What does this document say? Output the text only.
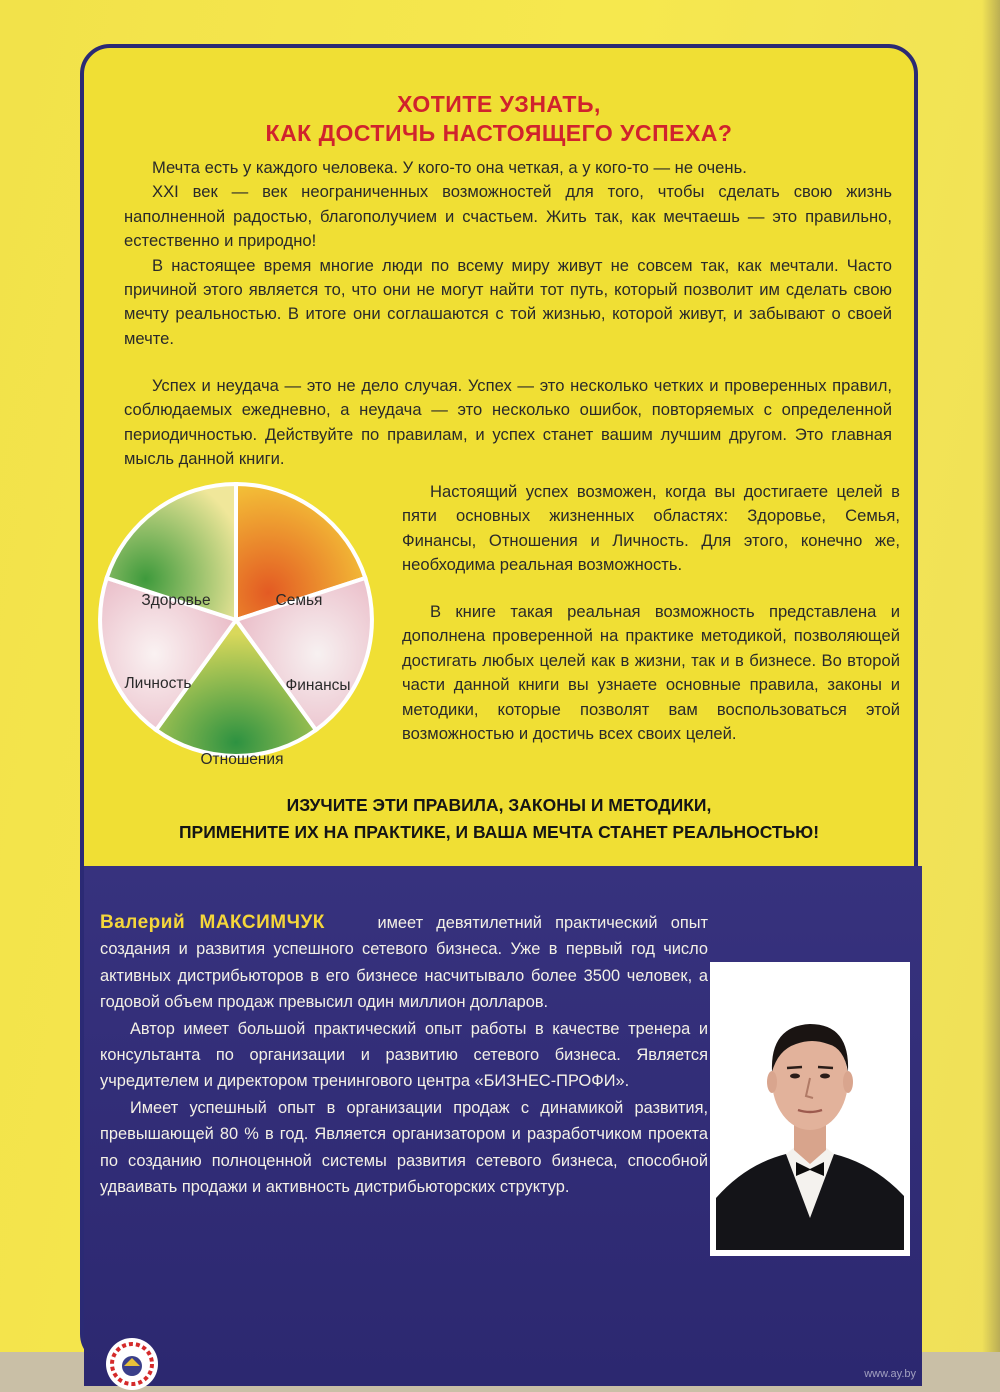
ХОТИТЕ УЗНАТЬ,
КАК ДОСТИЧЬ НАСТОЯЩЕГО УСПЕХА?
Мечта есть у каждого человека. У кого-то она четкая, а у кого-то — не очень.
XXI век — век неограниченных возможностей для того, чтобы сделать свою жизнь наполненной радостью, благополучием и счастьем. Жить так, как мечтаешь — это правильно, естественно и природно!
В настоящее время многие люди по всему миру живут не совсем так, как мечтали. Часто причиной этого является то, что они не могут найти тот путь, который позволит им сделать свою мечту реальностью. В итоге они соглашаются с той жизнью, которой живут, и забывают о своей мечте.

Успех и неудача — это не дело случая. Успех — это несколько четких и проверенных правил, соблюдаемых ежедневно, а неудача — это несколько ошибок, повторяемых с определенной периодичностью. Действуйте по правилам, и успех станет вашим лучшим другом. Это главная мысль данной книги.

Здоровье	Семья
Финансы
Отношения
Личность

Настоящий успех возможен, когда вы достигаете целей в пяти основных жизненных областях: Здоровье, Семья, Финансы, Отношения и Личность. Для этого, конечно же, необходима реальная возможность.

В книге такая реальная возможность представлена и дополнена проверенной на практике методикой, позволяющей достигать любых целей как в жизни, так и в бизнесе. Во второй части данной книги вы узнаете основные правила, законы и методики, которые позволят вам воспользоваться этой возможностью и достичь всех своих целей.

ИЗУЧИТЕ ЭТИ ПРАВИЛА, ЗАКОНЫ И МЕТОДИКИ,
ПРИМЕНИТЕ ИХ НА ПРАКТИКЕ, И ВАША МЕЧТА СТАНЕТ РЕАЛЬНОСТЬЮ!

Валерий МАКСИМЧУК	имеет девятилетний практический опыт создания и развития успешного сетевого бизнеса. Уже в первый год число активных дистрибьюторов в его бизнесе насчитывало более 3500 человек, а годовой объем продаж превысил один миллион долларов.

Автор имеет большой практический опыт работы в качестве тренера и консультанта по организации и развитию сетевого бизнеса. Является учредителем и директором тренингового центра «БИЗНЕС-ПРОФИ».

Имеет успешный опыт в организации продаж с динамикой развития, превышающей 80 % в год. Является организатором и разработчиком проекта по созданию полноценной системы развития сетевого бизнеса, способной удваивать продажи и активность дистрибьюторских структур.

www.ay.by
